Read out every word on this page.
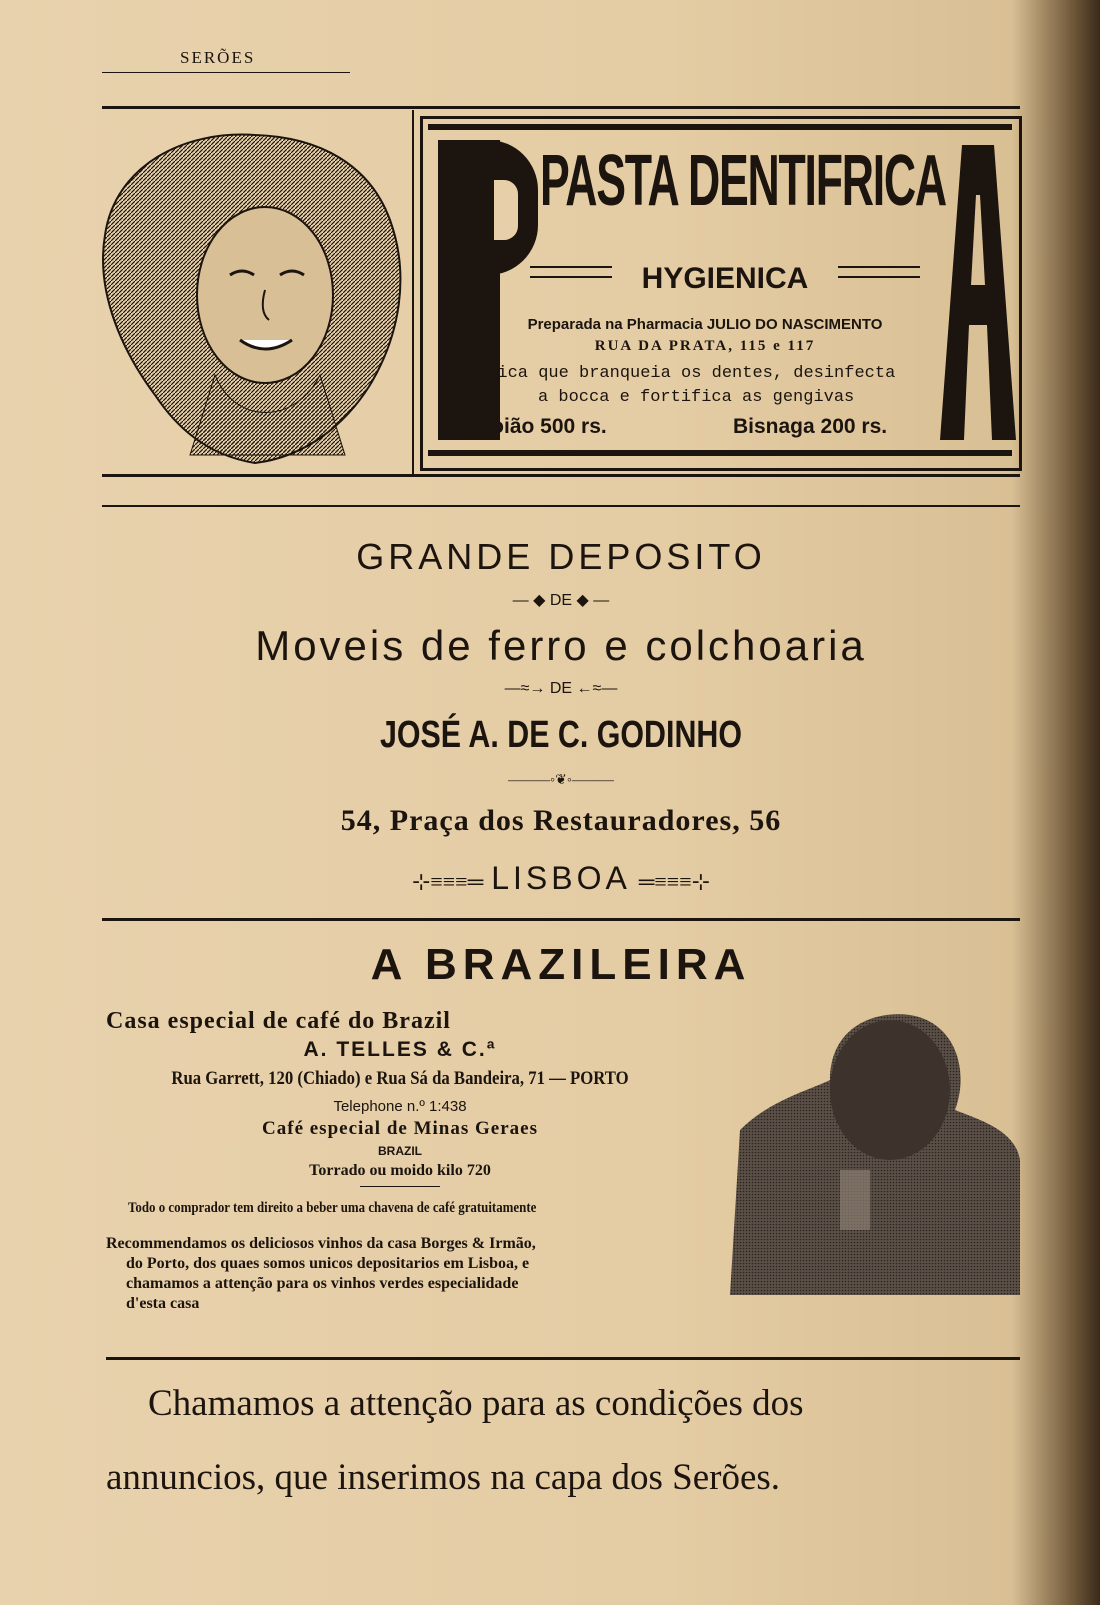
SERÕES
PASTA DENTIFRICA
HYGIENICA
Preparada na Pharmacia JULIO DO NASCIMENTO
RUA DA PRATA, 115 e 117
Unica que branqueia os dentes, desinfecta
a bocca e fortifica as gengivas
Boião 500 rs.	Bisnaga 200 rs.
GRANDE DEPOSITO
— ◆ DE ◆ —
Moveis de ferro e colchoaria
—≈→ DE ←≈—
JOSÉ A. DE C. GODINHO
———◦❦◦———
54, Praça dos Restauradores, 56
⊹≡≡≡═ LISBOA ═≡≡≡⊹
A BRAZILEIRA
Casa especial de café do Brazil
A. TELLES & C.ª
Rua Garrett, 120 (Chiado) e Rua Sá da Bandeira, 71 — PORTO
Telephone n.º 1:438
Café especial de Minas Geraes
BRAZIL
Torrado ou moido kilo 720
Todo o comprador tem direito a beber uma chavena de café gratuitamente
Recommendamos os deliciosos vinhos da casa Borges & Irmão,
do Porto, dos quaes somos unicos depositarios em Lisboa, e
chamamos a attenção para os vinhos verdes especialidade
d'esta casa
Chamamos a attenção para as condições dos
annuncios, que inserimos na capa dos Serões.
